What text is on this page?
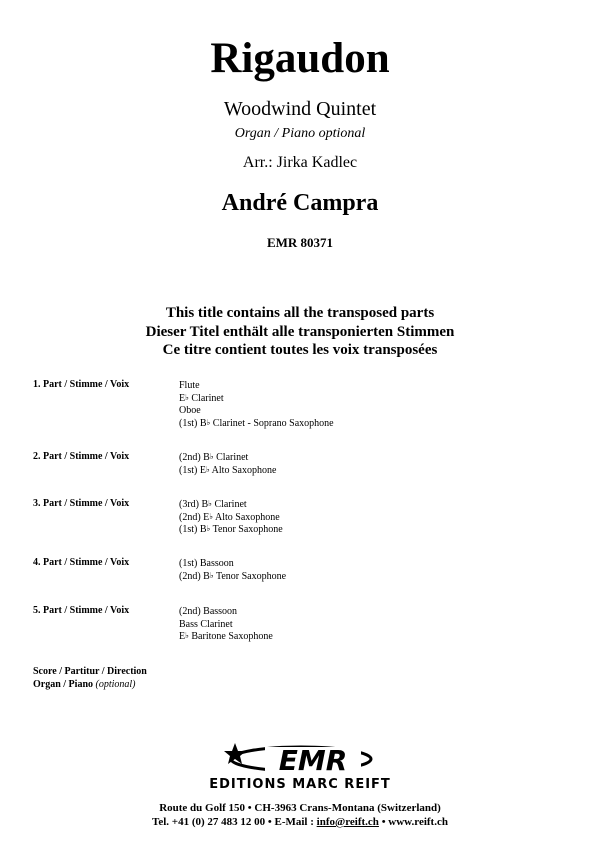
Rigaudon
Woodwind Quintet
Organ / Piano optional
Arr.: Jirka Kadlec
André Campra
EMR 80371
This title contains all the transposed parts
Dieser Titel enthält alle transponierten Stimmen
Ce titre contient toutes les voix transposées
1. Part / Stimme / Voix	Flute
E♭ Clarinet
Oboe
(1st) B♭ Clarinet - Soprano Saxophone
2. Part / Stimme / Voix	(2nd) B♭ Clarinet
(1st) E♭ Alto Saxophone
3. Part / Stimme / Voix	(3rd) B♭ Clarinet
(2nd) E♭ Alto Saxophone
(1st) B♭ Tenor Saxophone
4. Part / Stimme / Voix	(1st) Bassoon
(2nd) B♭ Tenor Saxophone
5. Part / Stimme / Voix	(2nd) Bassoon
Bass Clarinet
E♭ Baritone Saxophone
Score / Partitur / Direction
Organ / Piano (optional)
EMR
EDITIONS MARC REIFT
Route du Golf 150 • CH-3963 Crans-Montana (Switzerland)
Tel. +41 (0) 27 483 12 00 • E-Mail : info@reift.ch • www.reift.ch
